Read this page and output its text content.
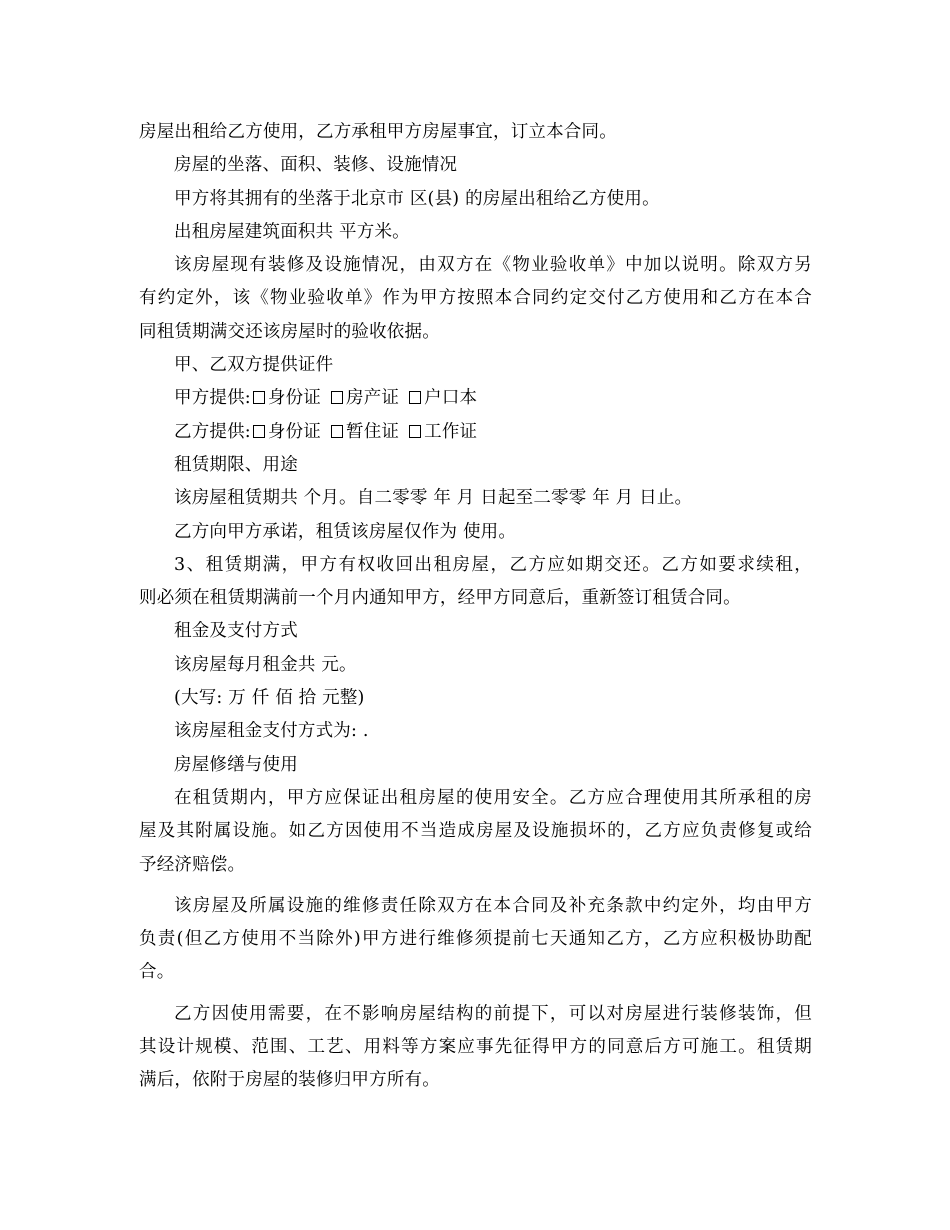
房屋出租给乙方使用，乙方承租甲方房屋事宜，订立本合同。
房屋的坐落、面积、装修、设施情况
甲方将其拥有的坐落于北京市 区(县) 的房屋出租给乙方使用。
出租房屋建筑面积共 平方米。
该房屋现有装修及设施情况，由双方在《物业验收单》中加以说明。除双方另
有约定外，该《物业验收单》作为甲方按照本合同约定交付乙方使用和乙方在本合
同租赁期满交还该房屋时的验收依据。
甲、乙双方提供证件
甲方提供: 身份证 房产证 户口本
乙方提供: 身份证 暂住证 工作证
租赁期限、用途
该房屋租赁期共 个月。自二零零 年 月 日起至二零零 年 月 日止。
乙方向甲方承诺，租赁该房屋仅作为 使用。
3、租赁期满，甲方有权收回出租房屋，乙方应如期交还。乙方如要求续租，
则必须在租赁期满前一个月内通知甲方，经甲方同意后，重新签订租赁合同。
租金及支付方式
该房屋每月租金共 元。
(大写: 万 仟 佰 拾 元整)
该房屋租金支付方式为: .
房屋修缮与使用
在租赁期内，甲方应保证出租房屋的使用安全。乙方应合理使用其所承租的房
屋及其附属设施。如乙方因使用不当造成房屋及设施损坏的，乙方应负责修复或给
予经济赔偿。
该房屋及所属设施的维修责任除双方在本合同及补充条款中约定外，均由甲方
负责(但乙方使用不当除外)甲方进行维修须提前七天通知乙方，乙方应积极协助配
合。
乙方因使用需要，在不影响房屋结构的前提下，可以对房屋进行装修装饰，但
其设计规模、范围、工艺、用料等方案应事先征得甲方的同意后方可施工。租赁期
满后，依附于房屋的装修归甲方所有。
